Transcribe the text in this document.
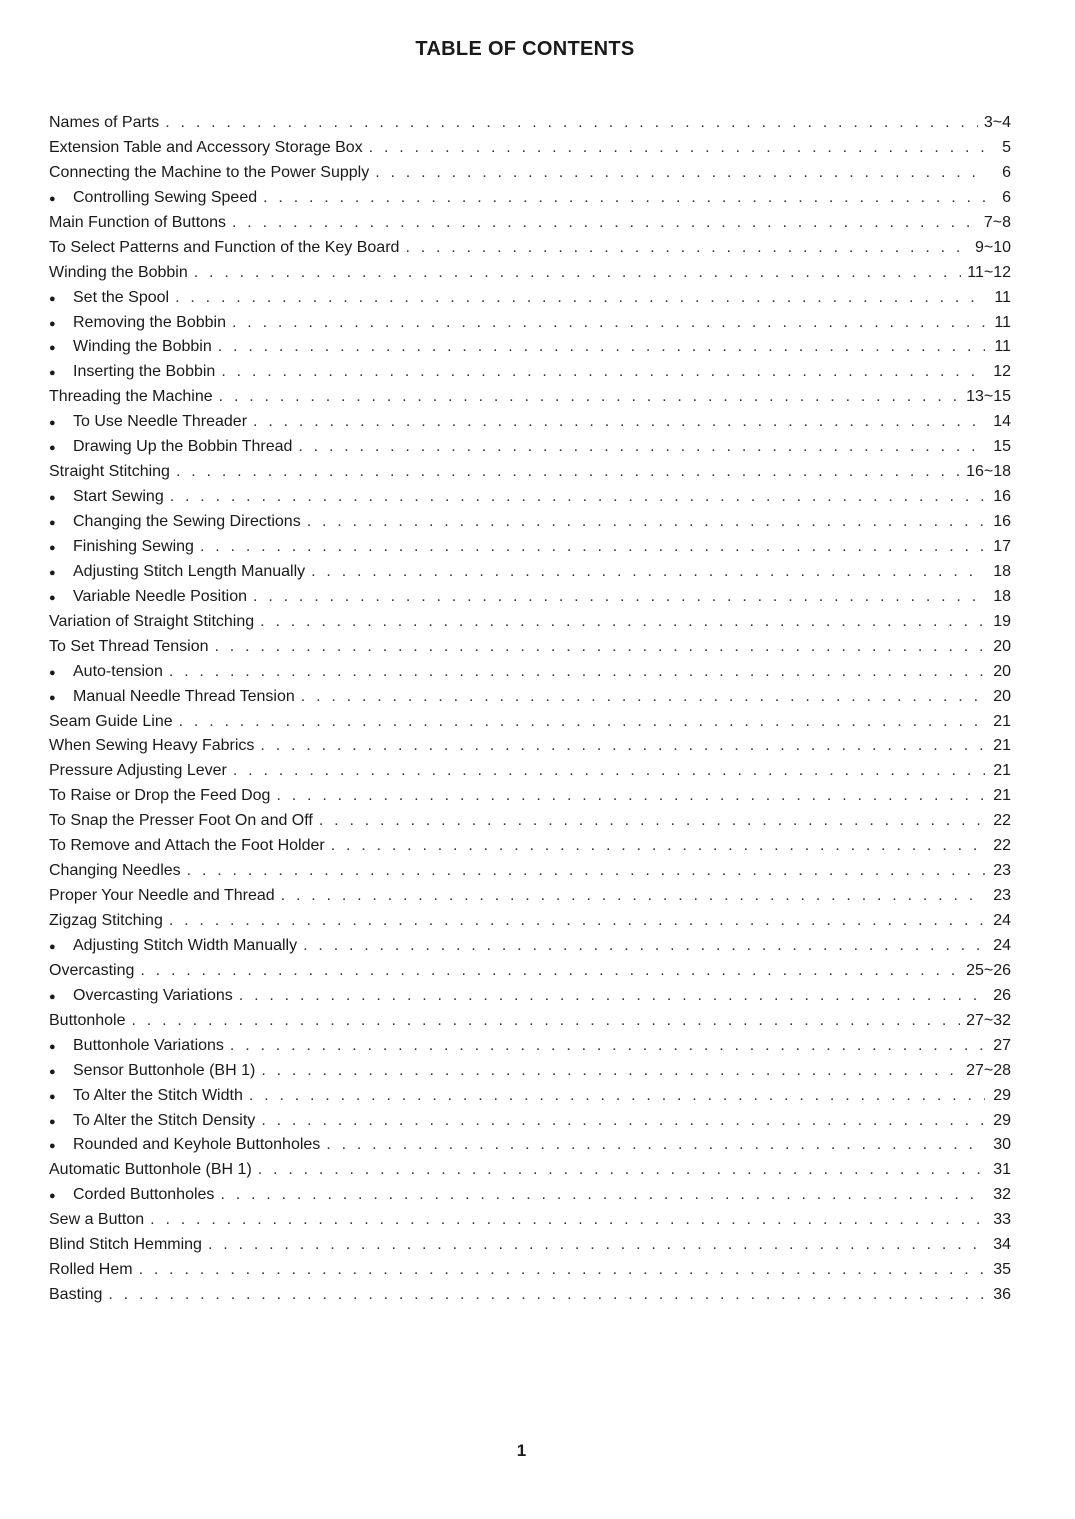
TABLE OF CONTENTS
Names of Parts . . .	3~4
Extension Table and Accessory Storage Box . . .	5
Connecting the Machine to the Power Supply . . .	6
●	Controlling Sewing Speed . . .	6
Main Function of Buttons . . .	7~8
To Select Patterns and Function of the Key Board . . .	9~10
Winding the Bobbin . . .	11~12
●	Set the Spool . . .	11
●	Removing the Bobbin . . .	11
●	Winding the Bobbin . . .	11
●	Inserting the Bobbin . . .	12
Threading the Machine . . .	13~15
●	To Use Needle Threader . . .	14
●	Drawing Up the Bobbin Thread . . .	15
Straight Stitching . . .	16~18
●	Start Sewing . . .	16
●	Changing the Sewing Directions . . .	16
●	Finishing Sewing . . .	17
●	Adjusting Stitch Length Manually . . .	18
●	Variable Needle Position . . .	18
Variation of Straight Stitching . . .	19
To Set Thread Tension . . .	20
●	Auto-tension . . .	20
●	Manual Needle Thread Tension . . .	20
Seam Guide Line . . .	21
When Sewing Heavy Fabrics . . .	21
Pressure Adjusting Lever . . .	21
To Raise or Drop the Feed Dog . . .	21
To Snap the Presser Foot On and Off . . .	22
To Remove and Attach the Foot Holder . . .	22
Changing Needles . . .	23
Proper Your Needle and Thread . . .	23
Zigzag Stitching . . .	24
●	Adjusting Stitch Width Manually . . .	24
Overcasting . . .	25~26
●	Overcasting Variations . . .	26
Buttonhole . . .	27~32
●	Buttonhole Variations . . .	27
●	Sensor Buttonhole (BH 1) . . .	27~28
●	To Alter the Stitch Width . . .	29
●	To Alter the Stitch Density . . .	29
●	Rounded and Keyhole Buttonholes . . .	30
Automatic Buttonhole (BH 1) . . .	31
●	Corded Buttonholes . . .	32
Sew a Button . . .	33
Blind Stitch Hemming . . .	34
Rolled Hem . . .	35
Basting . . .	36
1
